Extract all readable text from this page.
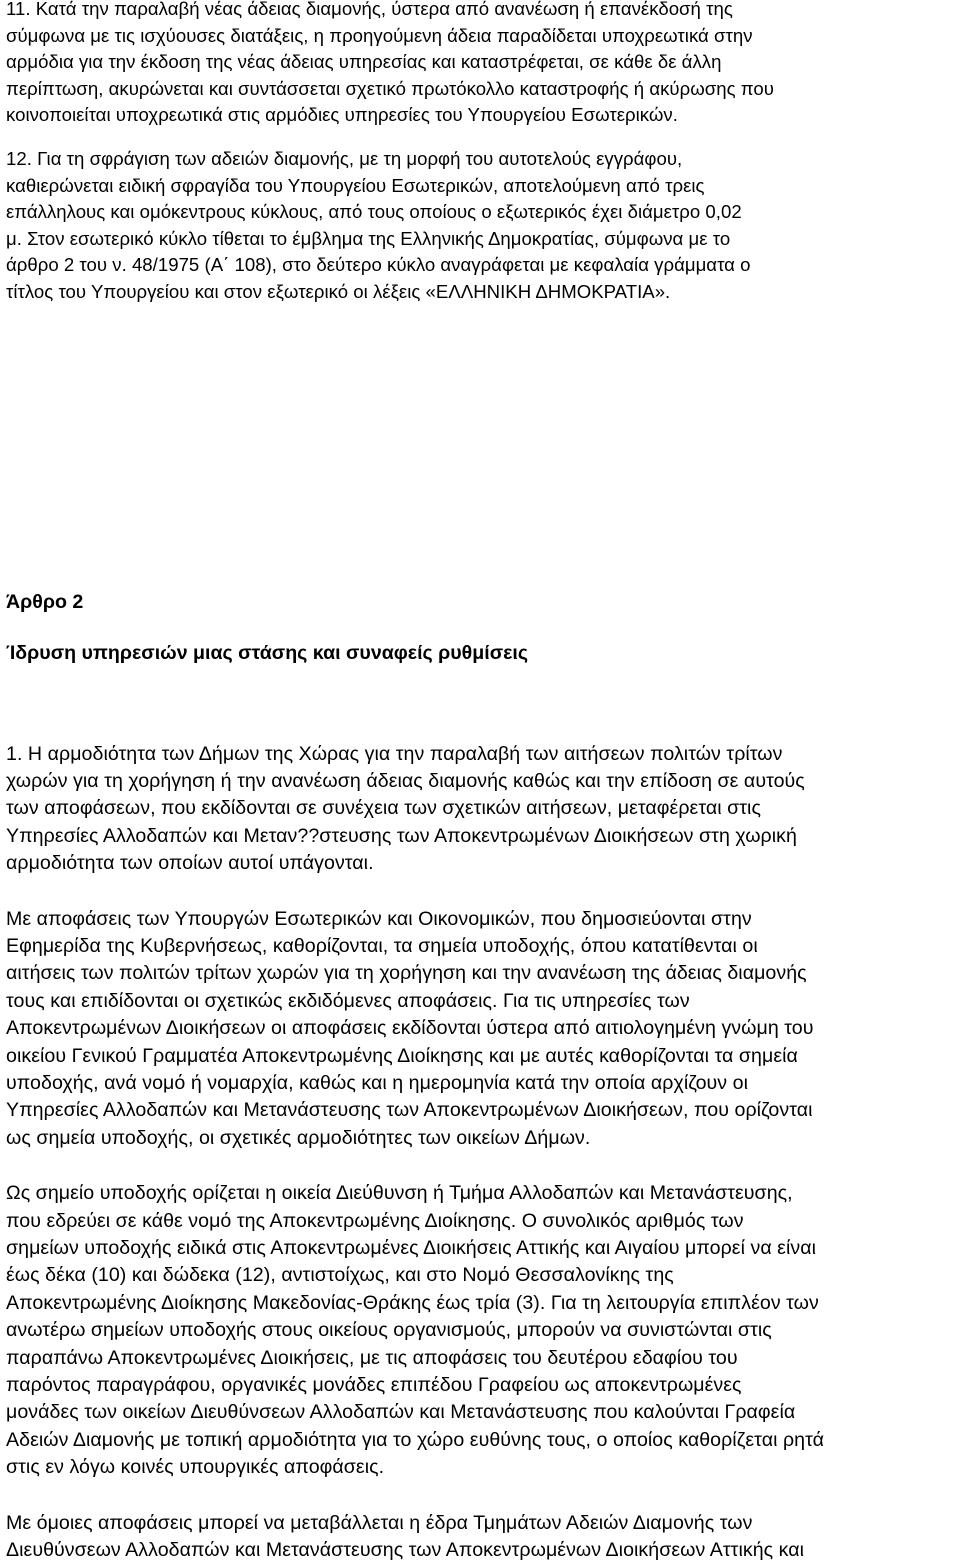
11. Κατά την παραλαβή νέας άδειας διαμονής, ύστερα από ανανέωση ή επανέκδοσή της
σύμφωνα με τις ισχύουσες διατάξεις, η προηγούμενη άδεια παραδίδεται υποχρεωτικά στην
αρμόδια για την έκδοση της νέας άδειας υπηρεσίας και καταστρέφεται, σε κάθε δε άλλη
περίπτωση, ακυρώνεται και συντάσσεται σχετικό πρωτόκολλο καταστροφής ή ακύρωσης που
κοινοποιείται υποχρεωτικά στις αρμόδιες υπηρεσίες του Υπουργείου Εσωτερικών.

12. Για τη σφράγιση των αδειών διαμονής, με τη μορφή του αυτοτελούς εγγράφου,
καθιερώνεται ειδική σφραγίδα του Υπουργείου Εσωτερικών, αποτελούμενη από τρεις
επάλληλους και ομόκεντρους κύκλους, από τους οποίους ο εξωτερικός έχει διάμετρο 0,02
μ. Στον εσωτερικό κύκλο τίθεται το έμβλημα της Ελληνικής Δημοκρατίας, σύμφωνα με το
άρθρο 2 του ν. 48/1975 (Α΄ 108), στο δεύτερο κύκλο αναγράφεται με κεφαλαία γράμματα ο
τίτλος του Υπουργείου και στον εξωτερικό οι λέξεις «ΕΛΛΗΝΙΚΗ ΔΗΜΟΚΡΑΤΙΑ».

Άρθρο 2
Ίδρυση υπηρεσιών μιας στάσης και συναφείς ρυθμίσεις

1. Η αρμοδιότητα των Δήμων της Χώρας για την παραλαβή των αιτήσεων πολιτών τρίτων
χωρών για τη χορήγηση ή την ανανέωση άδειας διαμονής καθώς και την επίδοση σε αυτούς
των αποφάσεων, που εκδίδονται σε συνέχεια των σχετικών αιτήσεων, μεταφέρεται στις
Υπηρεσίες Αλλοδαπών και Μεταν??στευσης των Αποκεντρωμένων Διοικήσεων στη χωρική
αρμοδιότητα των οποίων αυτοί υπάγονται.

Με αποφάσεις των Υπουργών Εσωτερικών και Οικονομικών, που δημοσιεύονται στην
Εφημερίδα της Κυβερνήσεως, καθορίζονται, τα σημεία υποδοχής, όπου κατατίθενται οι
αιτήσεις των πολιτών τρίτων χωρών για τη χορήγηση και την ανανέωση της άδειας διαμονής
τους και επιδίδονται οι σχετικώς εκδιδόμενες αποφάσεις. Για τις υπηρεσίες των
Αποκεντρωμένων Διοικήσεων οι αποφάσεις εκδίδονται ύστερα από αιτιολογημένη γνώμη του
οικείου Γενικού Γραμματέα Αποκεντρωμένης Διοίκησης και με αυτές καθορίζονται τα σημεία
υποδοχής, ανά νομό ή νομαρχία, καθώς και η ημερομηνία κατά την οποία αρχίζουν οι
Υπηρεσίες Αλλοδαπών και Μετανάστευσης των Αποκεντρωμένων Διοικήσεων, που ορίζονται
ως σημεία υποδοχής, οι σχετικές αρμοδιότητες των οικείων Δήμων.

Ως σημείο υποδοχής ορίζεται η οικεία Διεύθυνση ή Τμήμα Αλλοδαπών και Μετανάστευσης,
που εδρεύει σε κάθε νομό της Αποκεντρωμένης Διοίκησης. Ο συνολικός αριθμός των
σημείων υποδοχής ειδικά στις Αποκεντρωμένες Διοικήσεις Αττικής και Αιγαίου μπορεί να είναι
έως δέκα (10) και δώδεκα (12), αντιστοίχως, και στο Νομό Θεσσαλονίκης της
Αποκεντρωμένης Διοίκησης Μακεδονίας-Θράκης έως τρία (3). Για τη λειτουργία επιπλέον των
ανωτέρω σημείων υποδοχής στους οικείους οργανισμούς, μπορούν να συνιστώνται στις
παραπάνω Αποκεντρωμένες Διοικήσεις, με τις αποφάσεις του δευτέρου εδαφίου του
παρόντος παραγράφου, οργανικές μονάδες επιπέδου Γραφείου ως αποκεντρωμένες
μονάδες των οικείων Διευθύνσεων Αλλοδαπών και Μετανάστευσης που καλούνται Γραφεία
Αδειών Διαμονής με τοπική αρμοδιότητα για το χώρο ευθύνης τους, ο οποίος καθορίζεται ρητά
στις εν λόγω κοινές υπουργικές αποφάσεις.

Με όμοιες αποφάσεις μπορεί να μεταβάλλεται η έδρα Τμημάτων Αδειών Διαμονής των
Διευθύνσεων Αλλοδαπών και Μετανάστευσης των Αποκεντρωμένων Διοικήσεων Αττικής και
